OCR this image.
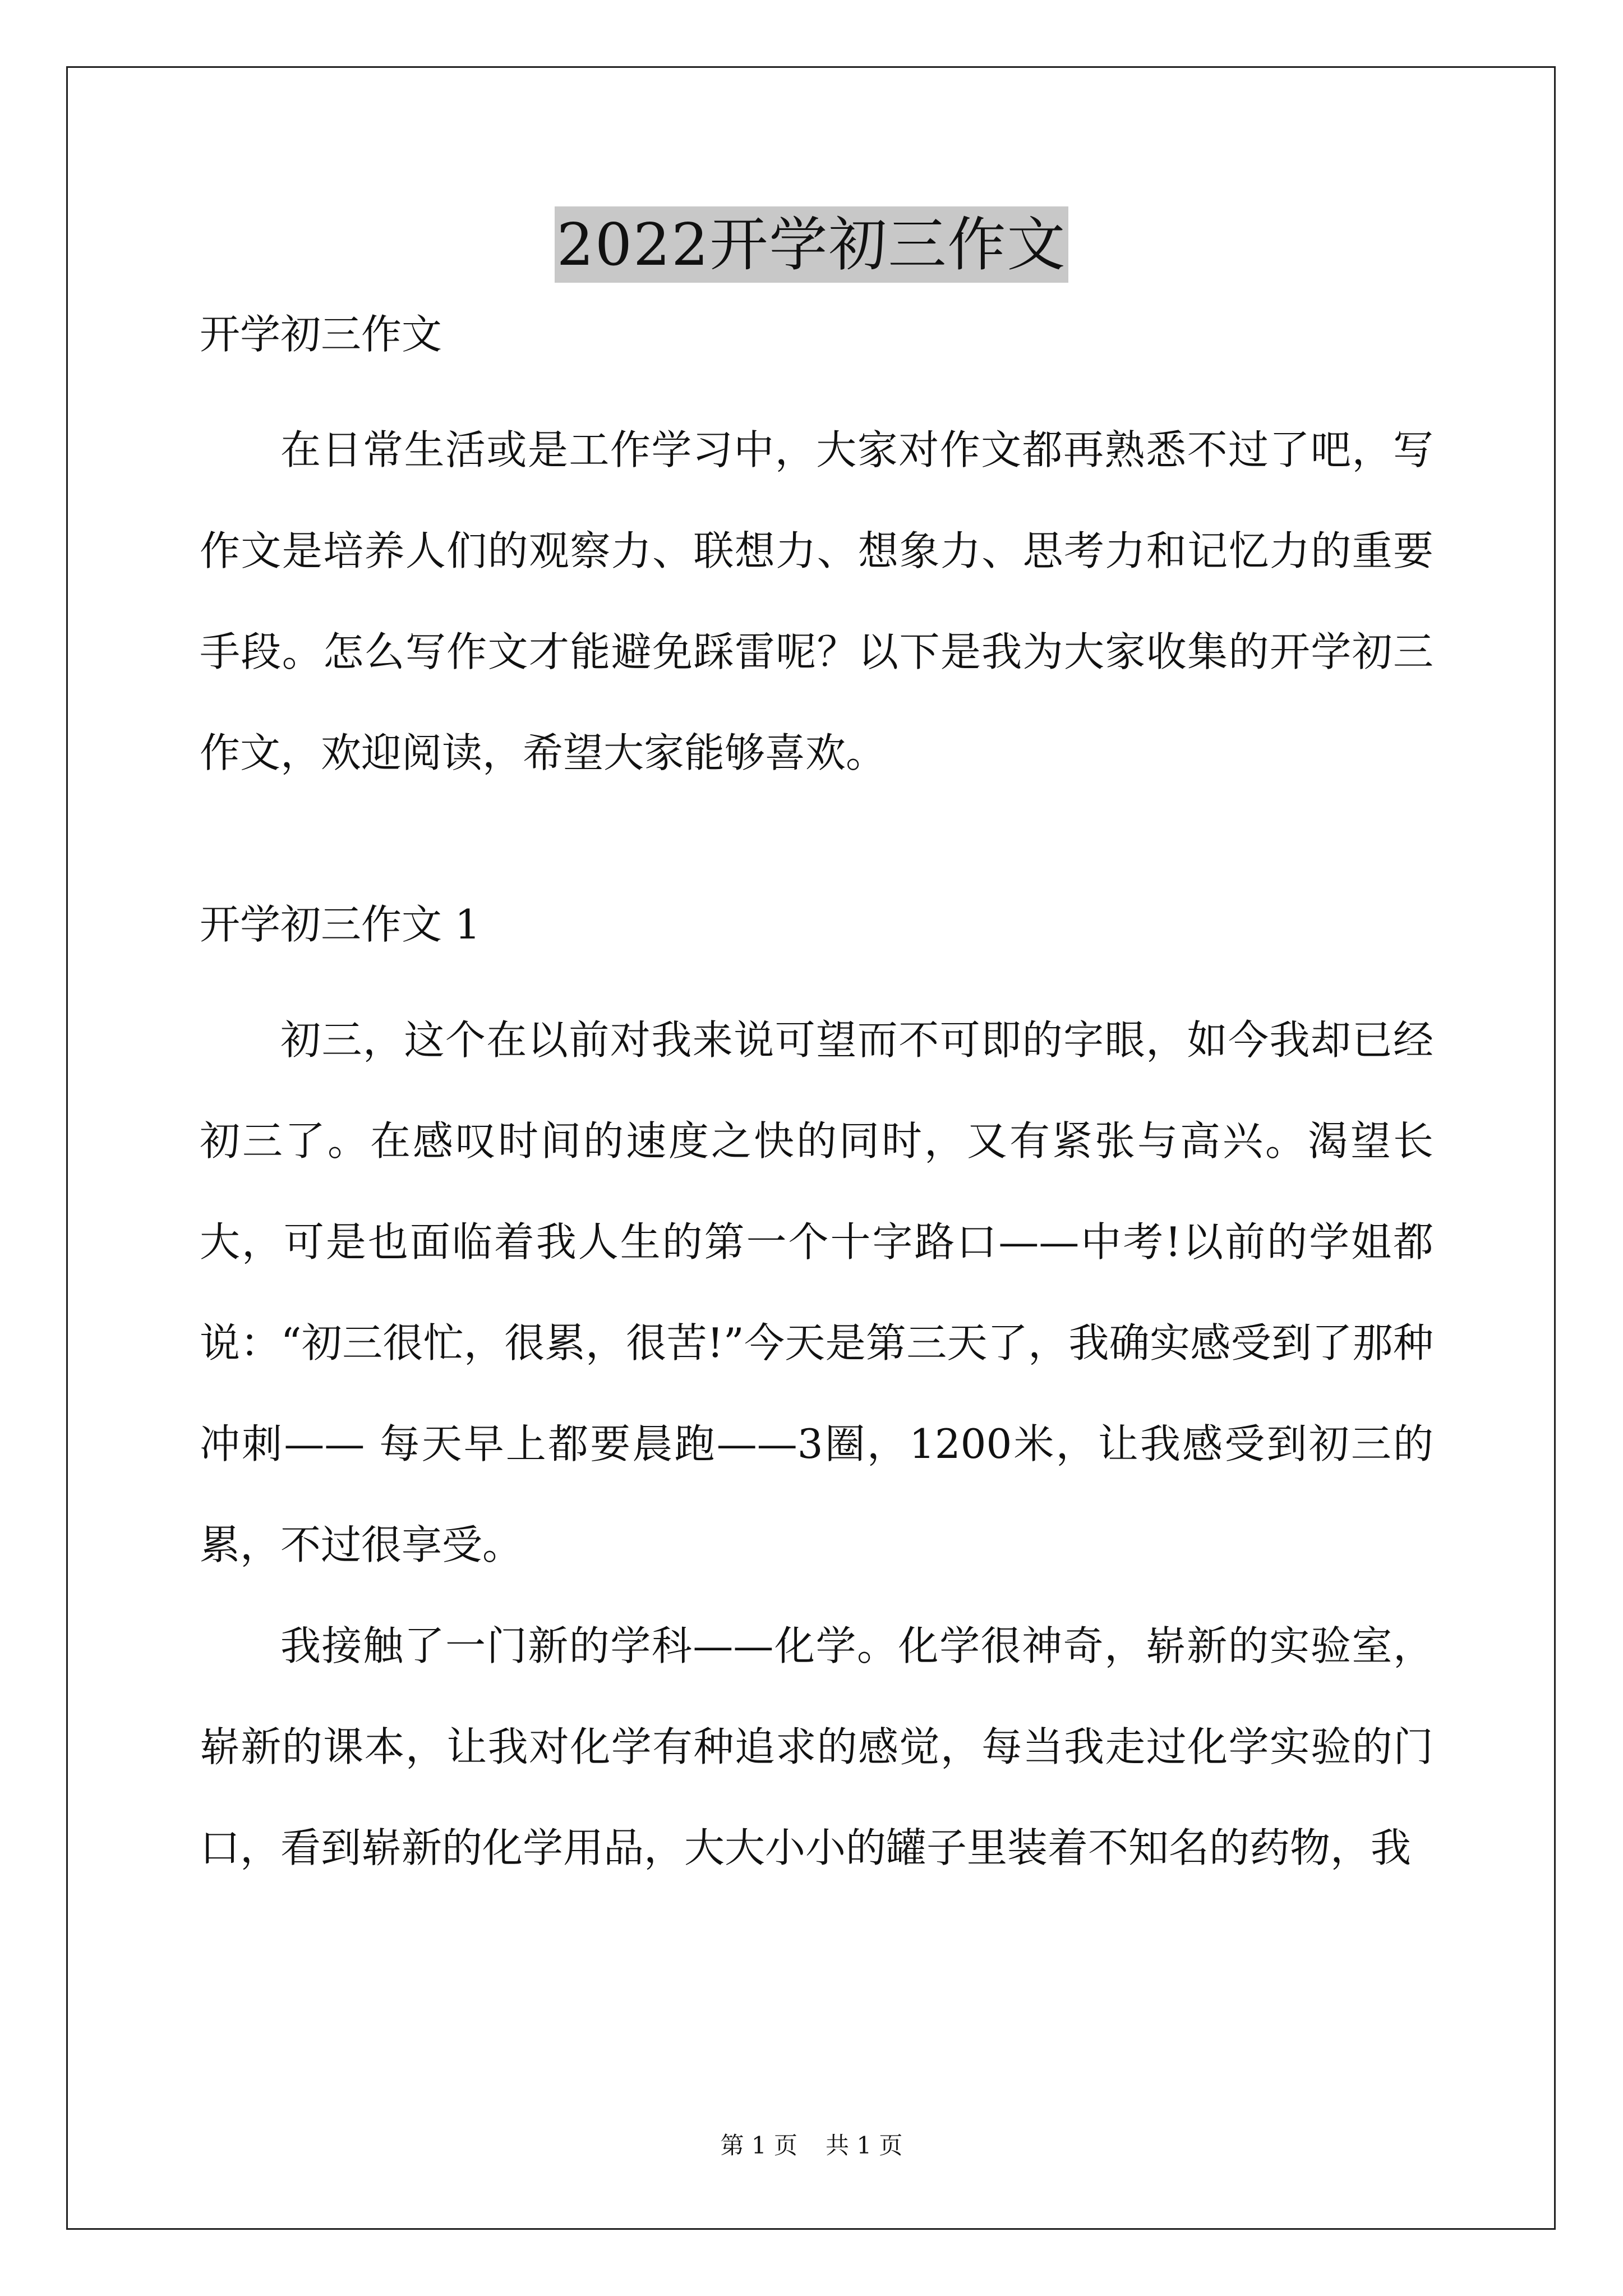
2022开学初三作文

开学初三作文

在日常生活或是工作学习中，大家对作文都再熟悉不过了吧，写作文是培养人们的观察力、联想力、想象力、思考力和记忆力的重要手段。怎么写作文才能避免踩雷呢？以下是我为大家收集的开学初三作文，欢迎阅读，希望大家能够喜欢。

开学初三作文 1

初三，这个在以前对我来说可望而不可即的字眼，如今我却已经初三了。在感叹时间的速度之快的同时，又有紧张与高兴。渴望长大，可是也面临着我人生的第一个十字路口——中考!以前的学姐都说：“初三很忙，很累，很苦!”今天是第三天了，我确实感受到了那种冲刺—— 每天早上都要晨跑——3圈，1200米，让我感受到初三的累，不过很享受。

我接触了一门新的学科——化学。化学很神奇，崭新的实验室，崭新的课本，让我对化学有种追求的感觉，每当我走过化学实验的门口，看到崭新的化学用品，大大小小的罐子里装着不知名的药物，我

第 1 页 共 1 页
